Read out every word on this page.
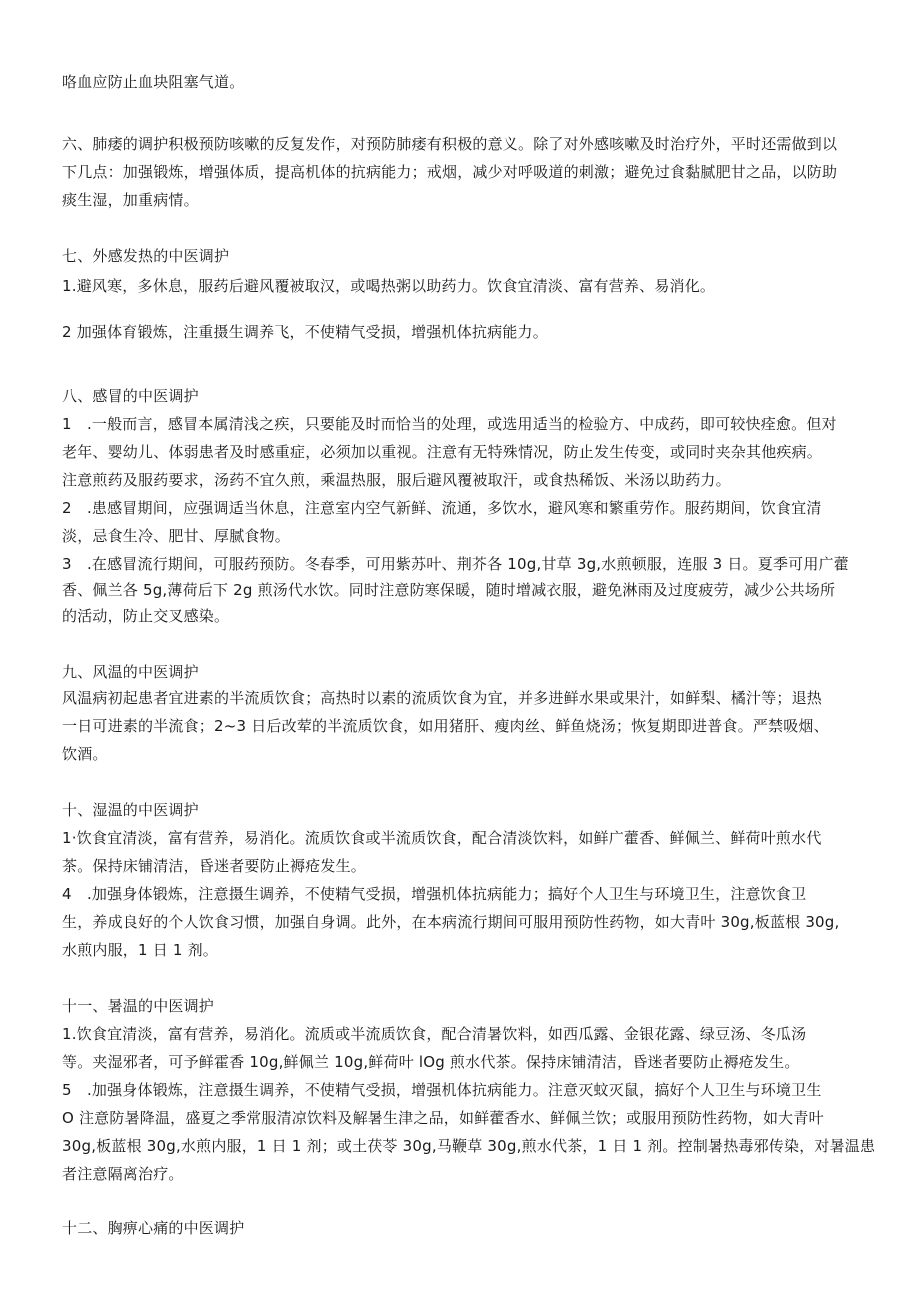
咯血应防止血块阻塞气道。
六、肺痿的调护积极预防咳嗽的反复发作，对预防肺痿有积极的意义。除了对外感咳嗽及时治疗外，平时还需做到以
下几点：加强锻炼，增强体质，提高机体的抗病能力；戒烟，减少对呼吸道的刺激；避免过食黏腻肥甘之品，以防助
痰生湿，加重病情。
七、外感发热的中医调护
1.避风寒，多休息，服药后避风覆被取汉，或喝热粥以助药力。饮食宜清淡、富有营养、易消化。
2 加强体育锻炼，注重摄生调养飞，不使精气受损，增强机体抗病能力。
八、感冒的中医调护
1　.一般而言，感冒本属清浅之疾，只要能及时而恰当的处理，或选用适当的检验方、中成药，即可较快痊愈。但对
老年、婴幼儿、体弱患者及时感重症，必须加以重视。注意有无特殊情况，防止发生传变，或同时夹杂其他疾病。
注意煎药及服药要求，汤药不宜久煎，乘温热服，服后避风覆被取汗，或食热稀饭、米汤以助药力。
2　.患感冒期间，应强调适当休息，注意室内空气新鲜、流通，多饮水，避风寒和繁重劳作。服药期间，饮食宜清
淡，忌食生冷、肥甘、厚腻食物。
3　.在感冒流行期间，可服药预防。冬春季，可用紫苏叶、荆芥各 10g,甘草 3g,水煎顿服，连服 3 日。夏季可用广藿
香、佩兰各 5g,薄荷后下 2g 煎汤代水饮。同时注意防寒保暖，随时增减衣服，避免淋雨及过度疲劳，减少公共场所
的活动，防止交叉感染。
九、风温的中医调护
风温病初起患者宜进素的半流质饮食；高热时以素的流质饮食为宜，并多进鲜水果或果汁，如鲜梨、橘汁等；退热
一日可进素的半流食；2~3 日后改荤的半流质饮食，如用猪肝、瘦肉丝、鲜鱼烧汤；恢复期即进普食。严禁吸烟、
饮酒。
十、湿温的中医调护
1·饮食宜清淡，富有营养，易消化。流质饮食或半流质饮食，配合清淡饮料，如鲜广藿香、鲜佩兰、鲜荷叶煎水代
茶。保持床铺清洁，昏迷者要防止褥疮发生。
4　.加强身体锻炼，注意摄生调养，不使精气受损，增强机体抗病能力；搞好个人卫生与环境卫生，注意饮食卫
生，养成良好的个人饮食习惯，加强自身调。此外，在本病流行期间可服用预防性药物，如大青叶 30g,板蓝根 30g,
水煎内服，1 日 1 剂。
十一、暑温的中医调护
1.饮食宜清淡，富有营养，易消化。流质或半流质饮食，配合清暑饮料，如西瓜露、金银花露、绿豆汤、冬瓜汤
等。夹湿邪者，可予鲜霍香 10g,鲜佩兰 10g,鲜荷叶 lOg 煎水代茶。保持床铺清洁，昏迷者要防止褥疮发生。
5　.加强身体锻炼，注意摄生调养，不使精气受损，增强机体抗病能力。注意灭蚊灭鼠，搞好个人卫生与环境卫生
O 注意防暑降温，盛夏之季常服清凉饮料及解暑生津之品，如鲜藿香水、鲜佩兰饮；或服用预防性药物，如大青叶
30g,板蓝根 30g,水煎内服，1 日 1 剂；或土茯苓 30g,马鞭草 30g,煎水代茶，1 日 1 剂。控制暑热毒邪传染，对暑温患
者注意隔离治疗。
十二、胸痹心痛的中医调护
